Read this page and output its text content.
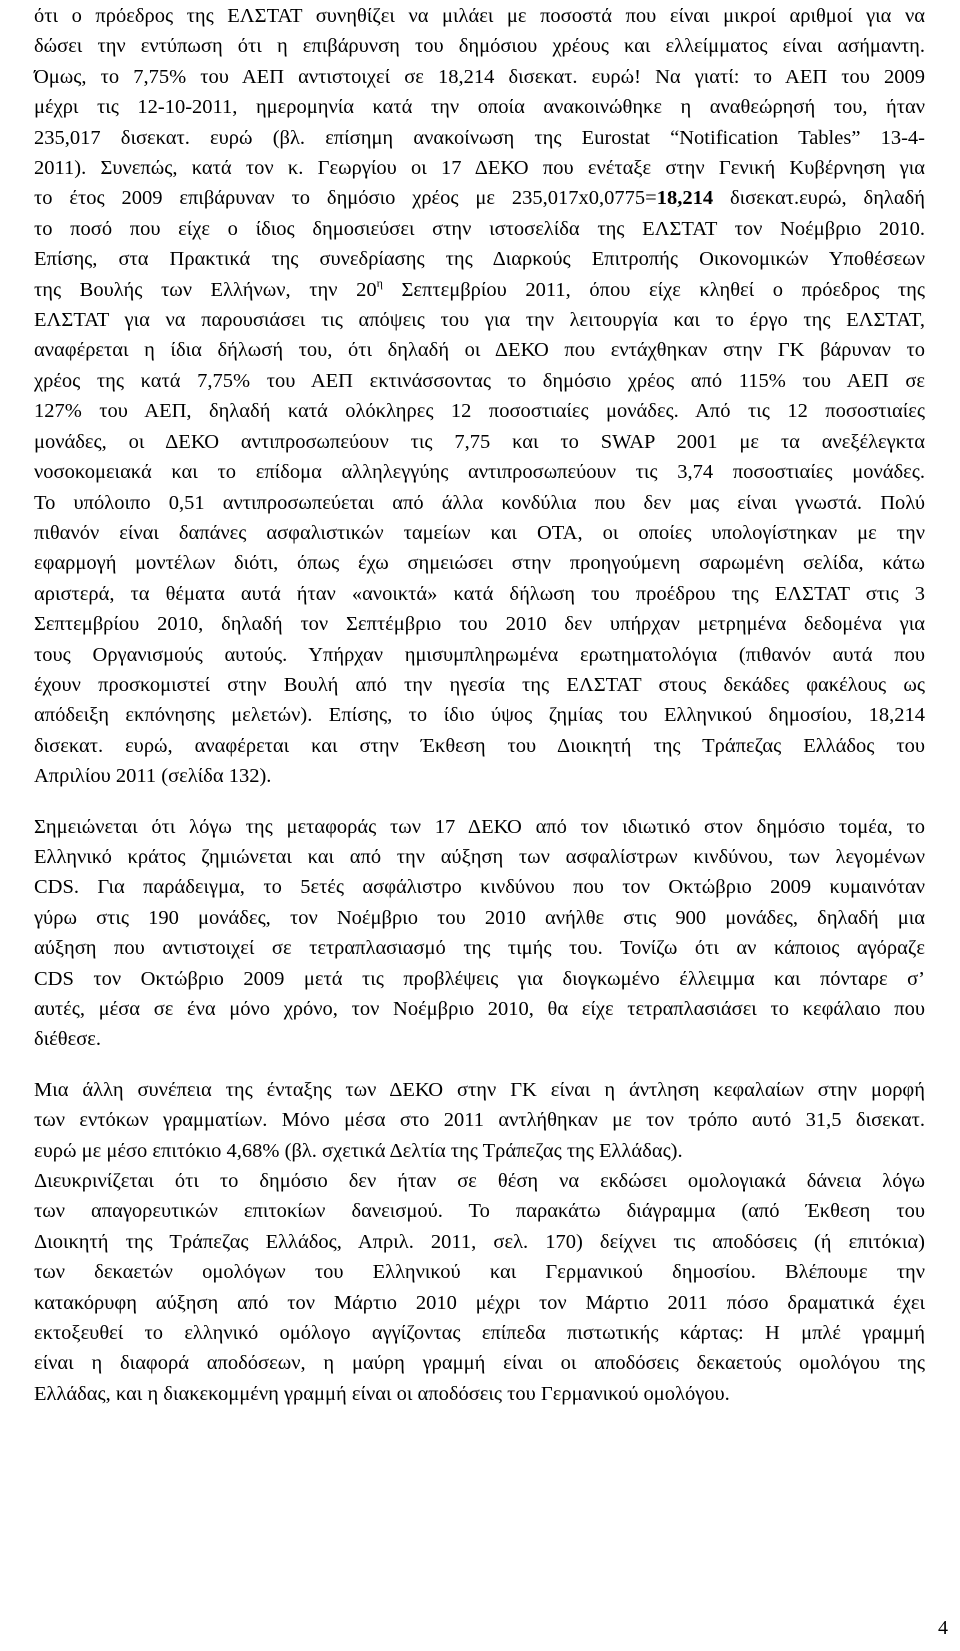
ότι ο πρόεδρος της ΕΛΣΤΑΤ συνηθίζει να μιλάει με ποσοστά που είναι μικροί αριθμοί για να
δώσει την εντύπωση ότι η επιβάρυνση του δημόσιου χρέους και ελλείμματος είναι ασήμαντη.
Όμως, το 7,75% του ΑΕΠ αντιστοιχεί σε 18,214 δισεκατ. ευρώ! Να γιατί: το ΑΕΠ του 2009
μέχρι τις 12-10-2011, ημερομηνία κατά την οποία ανακοινώθηκε η αναθεώρησή του, ήταν
235,017 δισεκατ. ευρώ (βλ. επίσημη ανακοίνωση της Eurostat “Notification Tables” 13-4-
2011). Συνεπώς, κατά τον κ. Γεωργίου οι 17 ΔΕΚΟ που ενέταξε στην Γενική Κυβέρνηση για
το έτος 2009 επιβάρυναν το δημόσιο χρέος με 235,017x0,0775=18,214 δισεκατ.ευρώ, δηλαδή
το ποσό που είχε ο ίδιος δημοσιεύσει στην ιστοσελίδα της ΕΛΣΤΑΤ τον Νοέμβριο 2010.
Επίσης, στα Πρακτικά της συνεδρίασης της Διαρκούς Επιτροπής Οικονομικών Υποθέσεων
της Βουλής των Ελλήνων, την $20^\eta$ Σεπτεμβρίου 2011, όπου είχε κληθεί ο πρόεδρος της
ΕΛΣΤΑΤ για να παρουσιάσει τις απόψεις του για την λειτουργία και το έργο της ΕΛΣΤΑΤ,
αναφέρεται η ίδια δήλωσή του, ότι δηλαδή οι ΔΕΚΟ που εντάχθηκαν στην ΓΚ βάρυναν το
χρέος της κατά 7,75% του ΑΕΠ εκτινάσσοντας το δημόσιο χρέος από 115% του ΑΕΠ σε
127% του ΑΕΠ, δηλαδή κατά ολόκληρες 12 ποσοστιαίες μονάδες. Από τις 12 ποσοστιαίες
μονάδες, οι ΔΕΚΟ αντιπροσωπεύουν τις 7,75 και το SWAP 2001 με τα ανεξέλεγκτα
νοσοκομειακά και το επίδομα αλληλεγγύης αντιπροσωπεύουν τις 3,74 ποσοστιαίες μονάδες.
Το υπόλοιπο 0,51 αντιπροσωπεύεται από άλλα κονδύλια που δεν μας είναι γνωστά. Πολύ
πιθανόν είναι δαπάνες ασφαλιστικών ταμείων και ΟΤΑ, οι οποίες υπολογίστηκαν με την
εφαρμογή μοντέλων διότι, όπως έχω σημειώσει στην προηγούμενη σαρωμένη σελίδα, κάτω
αριστερά, τα θέματα αυτά ήταν «ανοικτά» κατά δήλωση του προέδρου της ΕΛΣΤΑΤ στις 3
Σεπτεμβρίου 2010, δηλαδή τον Σεπτέμβριο του 2010 δεν υπήρχαν μετρημένα δεδομένα για
τους Οργανισμούς αυτούς. Υπήρχαν ημισυμπληρωμένα ερωτηματολόγια (πιθανόν αυτά που
έχουν προσκομιστεί στην Βουλή από την ηγεσία της ΕΛΣΤΑΤ στους δεκάδες φακέλους ως
απόδειξη εκπόνησης μελετών). Επίσης, το ίδιο ύψος ζημίας του Ελληνικού δημοσίου, 18,214
δισεκατ. ευρώ, αναφέρεται και στην Έκθεση του Διοικητή της Τράπεζας Ελλάδος του
Απριλίου 2011 (σελίδα 132).
Σημειώνεται ότι λόγω της μεταφοράς των 17 ΔΕΚΟ από τον ιδιωτικό στον δημόσιο τομέα, το
Ελληνικό κράτος ζημιώνεται και από την αύξηση των ασφαλίστρων κινδύνου, των λεγομένων
CDS. Για παράδειγμα, το 5ετές ασφάλιστρο κινδύνου που τον Οκτώβριο 2009 κυμαινόταν
γύρω στις 190 μονάδες, τον Νοέμβριο του 2010 ανήλθε στις 900 μονάδες, δηλαδή μια
αύξηση που αντιστοιχεί σε τετραπλασιασμό της τιμής του. Τονίζω ότι αν κάποιος αγόραζε
CDS τον Οκτώβριο 2009 μετά τις προβλέψεις για διογκωμένο έλλειμμα και πόνταρε σ’
αυτές, μέσα σε ένα μόνο χρόνο, τον Νοέμβριο 2010, θα είχε τετραπλασιάσει το κεφάλαιο που
διέθεσε.
Μια άλλη συνέπεια της ένταξης των ΔΕΚΟ στην ΓΚ είναι η άντληση κεφαλαίων στην μορφή
των εντόκων γραμματίων. Μόνο μέσα στο 2011 αντλήθηκαν με τον τρόπο αυτό 31,5 δισεκατ.
ευρώ με μέσο επιτόκιο 4,68% (βλ. σχετικά Δελτία της Τράπεζας της Ελλάδας).
Διευκρινίζεται ότι το δημόσιο δεν ήταν σε θέση να εκδώσει ομολογιακά δάνεια λόγω
των απαγορευτικών επιτοκίων δανεισμού. Το παρακάτω διάγραμμα (από Έκθεση του
Διοικητή της Τράπεζας Ελλάδος, Απριλ. 2011, σελ. 170) δείχνει τις αποδόσεις (ή επιτόκια)
των δεκαετών ομολόγων του Ελληνικού και Γερμανικού δημοσίου. Βλέπουμε την
κατακόρυφη αύξηση από τον Μάρτιο 2010 μέχρι τον Μάρτιο 2011 πόσο δραματικά έχει
εκτοξευθεί το ελληνικό ομόλογο αγγίζοντας επίπεδα πιστωτικής κάρτας: Η μπλέ γραμμή
είναι η διαφορά αποδόσεων, η μαύρη γραμμή είναι οι αποδόσεις δεκαετούς ομολόγου της
Ελλάδας, και η διακεκομμένη γραμμή είναι οι αποδόσεις του Γερμανικού ομολόγου.
4
